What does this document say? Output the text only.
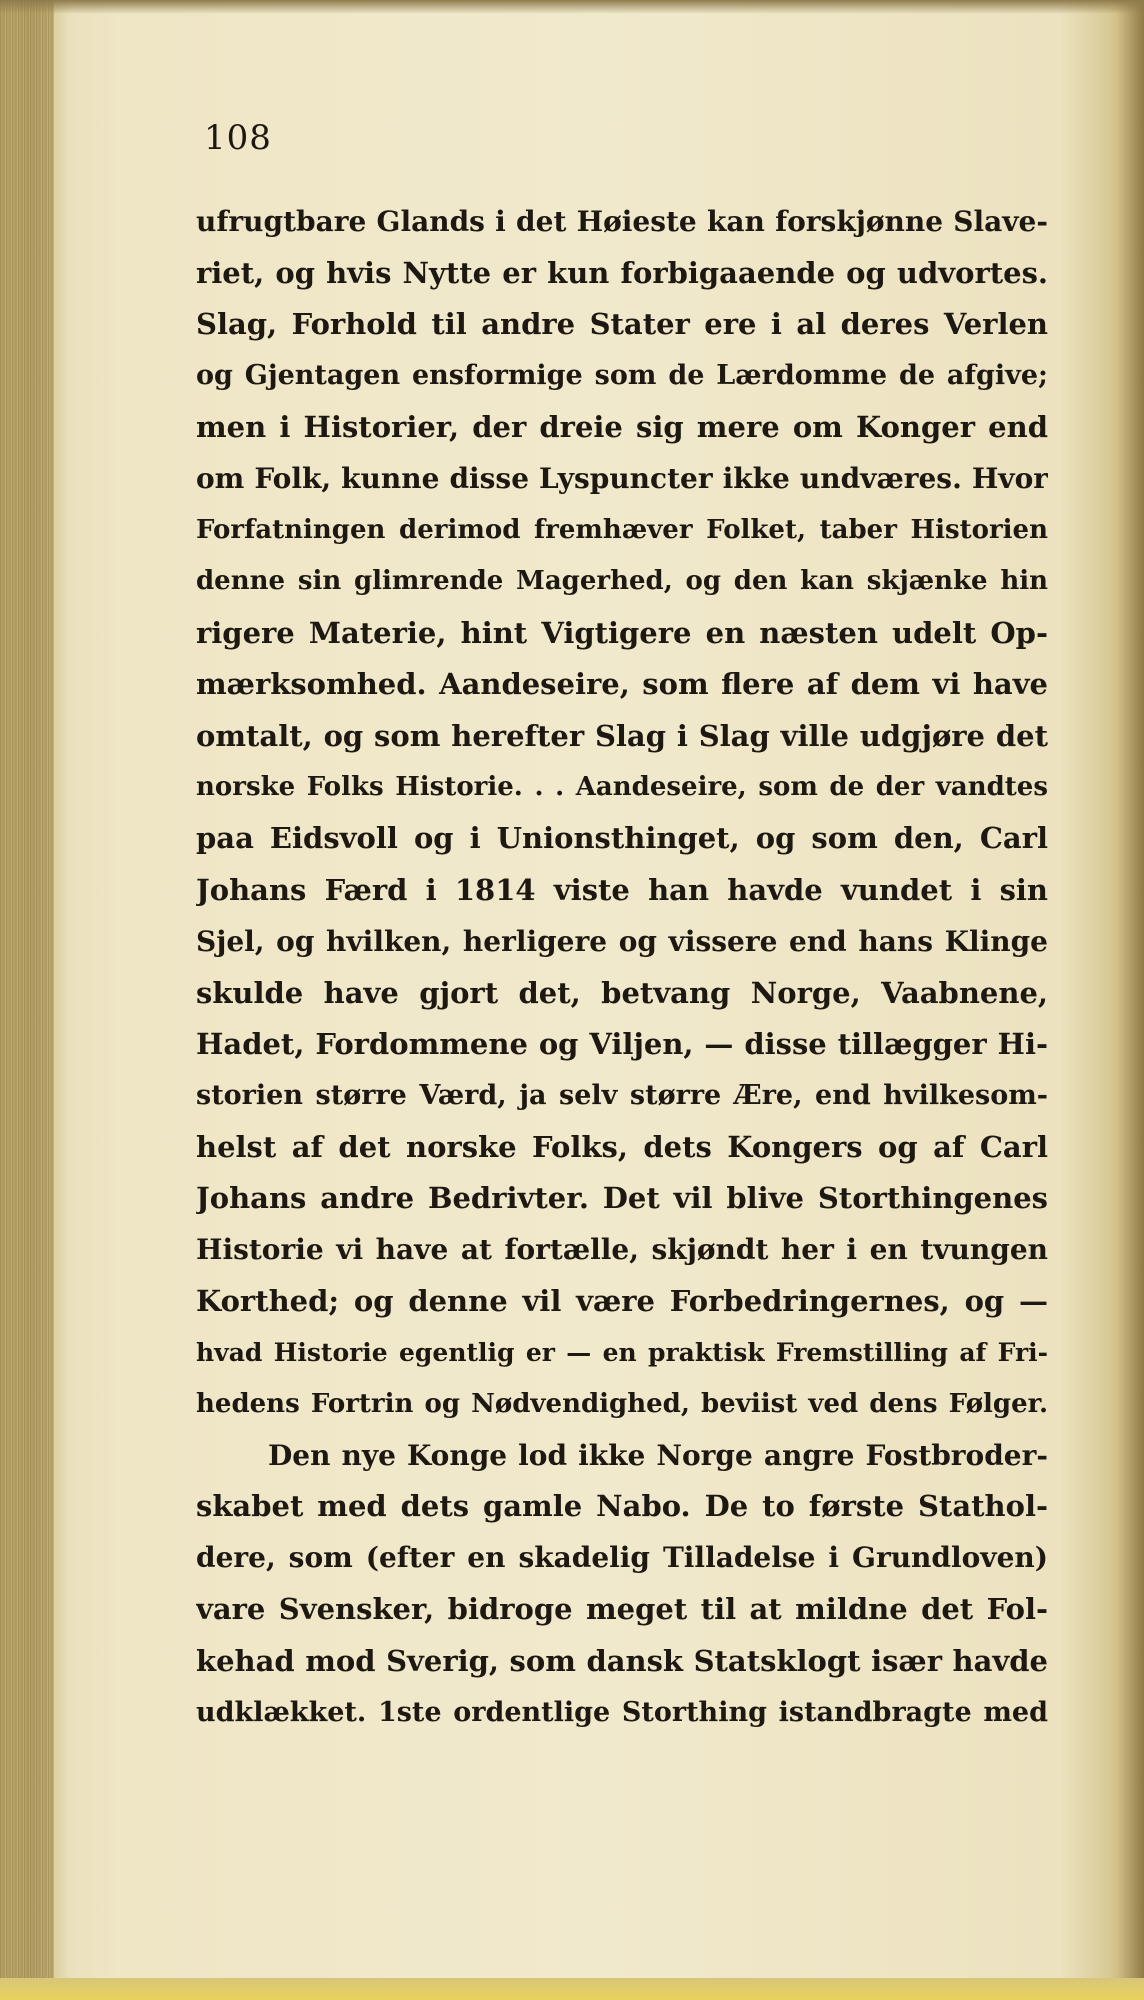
108
ufrugtbare Glands i det Høieste kan forskjønne Slave-
riet, og hvis Nytte er kun forbigaaende og udvortes.
Slag, Forhold til andre Stater ere i al deres Verlen
og Gjentagen ensformige som de Lærdomme de afgive;
men i Historier, der dreie sig mere om Konger end
om Folk, kunne disse Lyspuncter ikke undværes. Hvor
Forfatningen derimod fremhæver Folket, taber Historien
denne sin glimrende Magerhed, og den kan skjænke hin
rigere Materie, hint Vigtigere en næsten udelt Op-
mærksomhed. Aandeseire, som flere af dem vi have
omtalt, og som herefter Slag i Slag ville udgjøre det
norske Folks Historie. . . Aandeseire, som de der vandtes
paa Eidsvoll og i Unionsthinget, og som den, Carl
Johans Færd i 1814 viste han havde vundet i sin
Sjel, og hvilken, herligere og vissere end hans Klinge
skulde have gjort det, betvang Norge, Vaabnene,
Hadet, Fordommene og Viljen, — disse tillægger Hi-
storien større Værd, ja selv større Ære, end hvilkesom-
helst af det norske Folks, dets Kongers og af Carl
Johans andre Bedrivter. Det vil blive Storthingenes
Historie vi have at fortælle, skjøndt her i en tvungen
Korthed; og denne vil være Forbedringernes, og —
hvad Historie egentlig er — en praktisk Fremstilling af Fri-
hedens Fortrin og Nødvendighed, beviist ved dens Følger.
Den nye Konge lod ikke Norge angre Fostbroder-
skabet med dets gamle Nabo. De to første Stathol-
dere, som (efter en skadelig Tilladelse i Grundloven)
vare Svensker, bidroge meget til at mildne det Fol-
kehad mod Sverig, som dansk Statsklogt især havde
udklækket. 1ste ordentlige Storthing istandbragte med
